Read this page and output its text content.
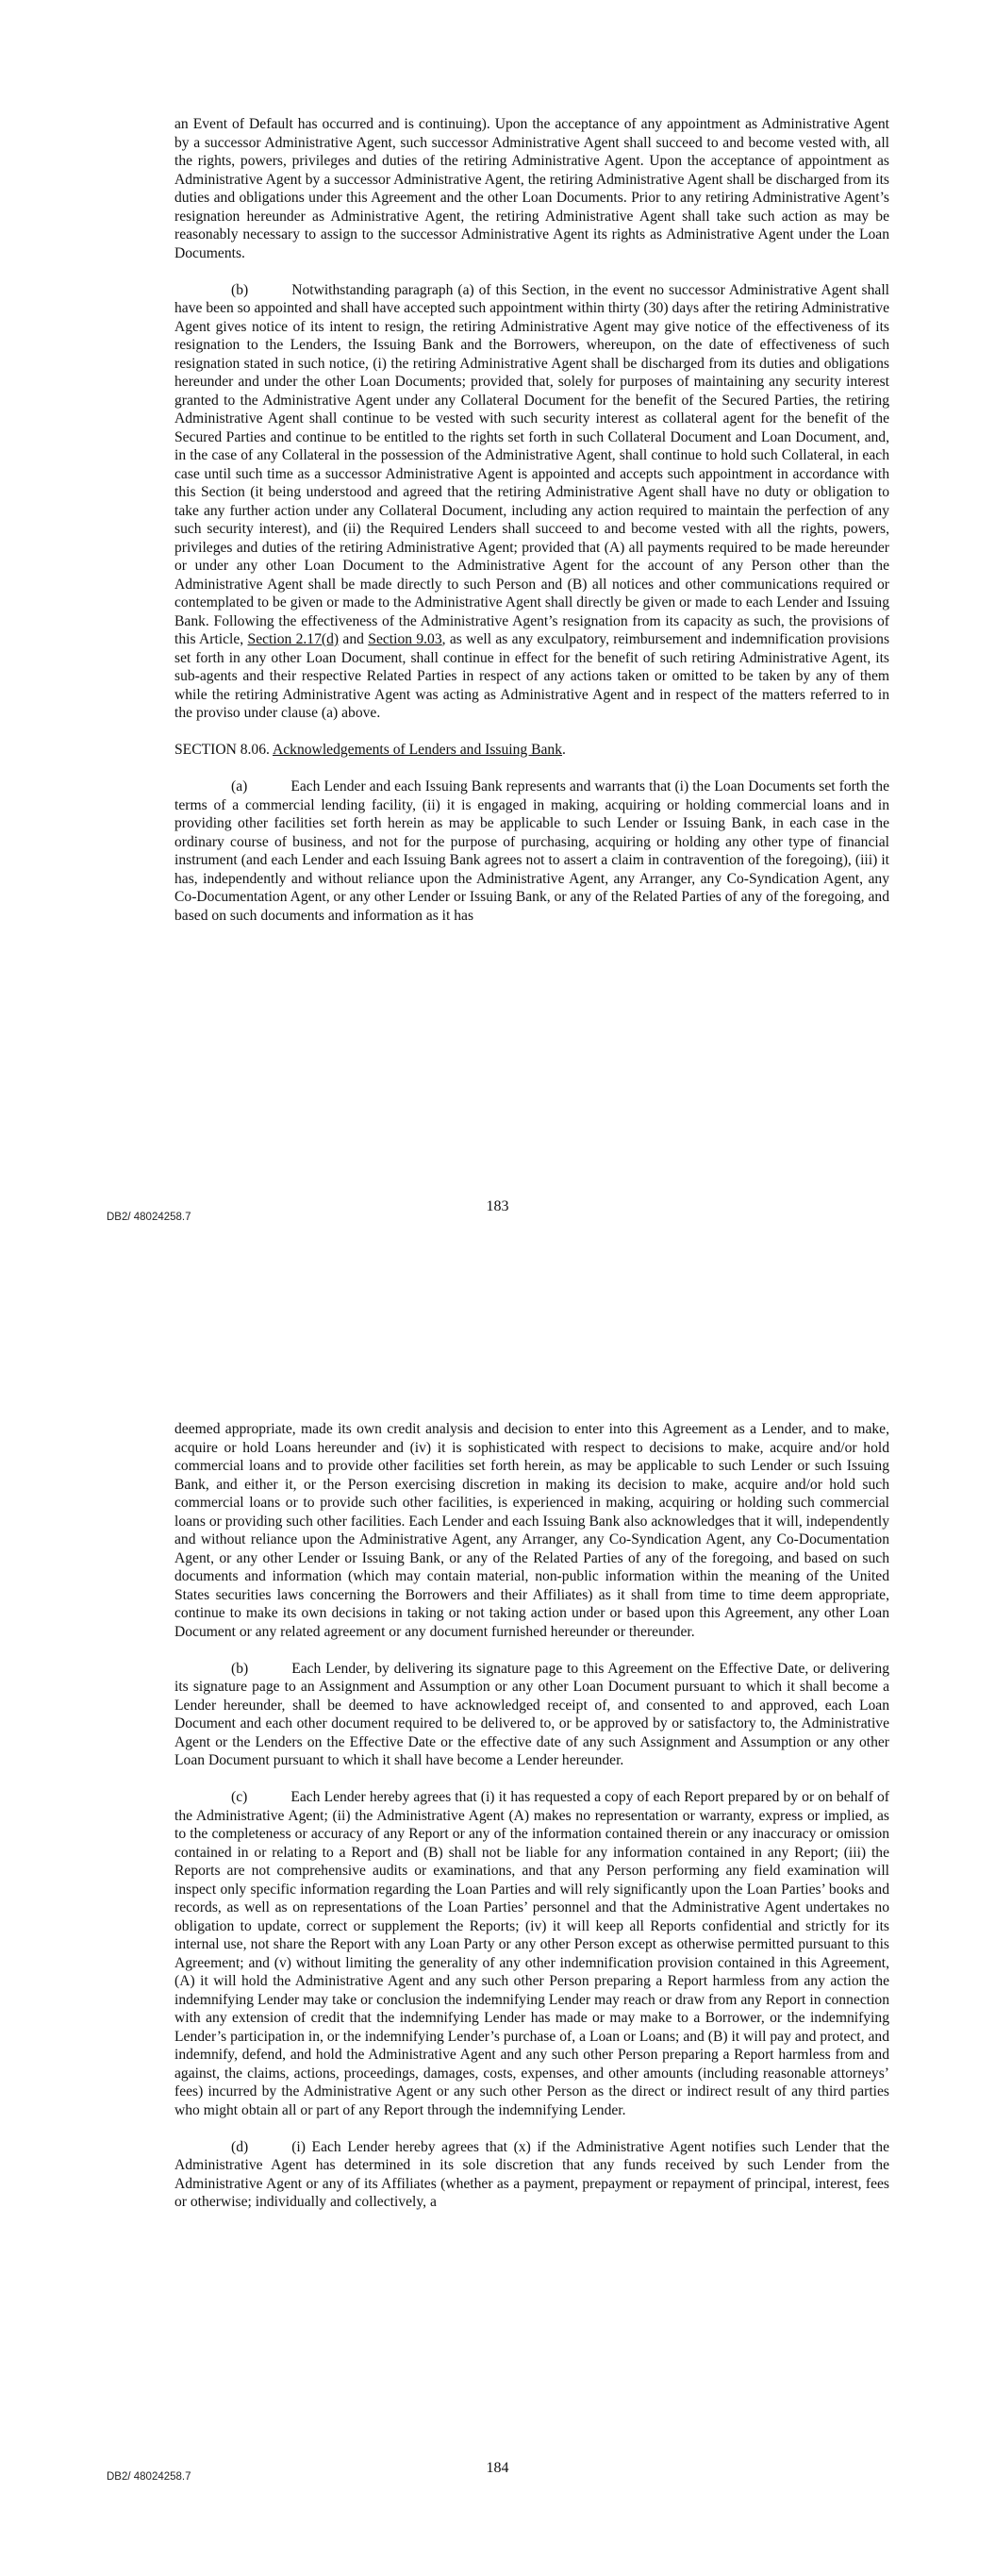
an Event of Default has occurred and is continuing). Upon the acceptance of any appointment as Administrative Agent by a successor Administrative Agent, such successor Administrative Agent shall succeed to and become vested with, all the rights, powers, privileges and duties of the retiring Administrative Agent. Upon the acceptance of appointment as Administrative Agent by a successor Administrative Agent, the retiring Administrative Agent shall be discharged from its duties and obligations under this Agreement and the other Loan Documents. Prior to any retiring Administrative Agent’s resignation hereunder as Administrative Agent, the retiring Administrative Agent shall take such action as may be reasonably necessary to assign to the successor Administrative Agent its rights as Administrative Agent under the Loan Documents.

(b)	Notwithstanding paragraph (a) of this Section, in the event no successor Administrative Agent shall have been so appointed and shall have accepted such appointment within thirty (30) days after the retiring Administrative Agent gives notice of its intent to resign, the retiring Administrative Agent may give notice of the effectiveness of its resignation to the Lenders, the Issuing Bank and the Borrowers, whereupon, on the date of effectiveness of such resignation stated in such notice, (i) the retiring Administrative Agent shall be discharged from its duties and obligations hereunder and under the other Loan Documents; provided that, solely for purposes of maintaining any security interest granted to the Administrative Agent under any Collateral Document for the benefit of the Secured Parties, the retiring Administrative Agent shall continue to be vested with such security interest as collateral agent for the benefit of the Secured Parties and continue to be entitled to the rights set forth in such Collateral Document and Loan Document, and, in the case of any Collateral in the possession of the Administrative Agent, shall continue to hold such Collateral, in each case until such time as a successor Administrative Agent is appointed and accepts such appointment in accordance with this Section (it being understood and agreed that the retiring Administrative Agent shall have no duty or obligation to take any further action under any Collateral Document, including any action required to maintain the perfection of any such security interest), and (ii) the Required Lenders shall succeed to and become vested with all the rights, powers, privileges and duties of the retiring Administrative Agent; provided that (A) all payments required to be made hereunder or under any other Loan Document to the Administrative Agent for the account of any Person other than the Administrative Agent shall be made directly to such Person and (B) all notices and other communications required or contemplated to be given or made to the Administrative Agent shall directly be given or made to each Lender and Issuing Bank. Following the effectiveness of the Administrative Agent’s resignation from its capacity as such, the provisions of this Article, Section 2.17(d) and Section 9.03, as well as any exculpatory, reimbursement and indemnification provisions set forth in any other Loan Document, shall continue in effect for the benefit of such retiring Administrative Agent, its sub-agents and their respective Related Parties in respect of any actions taken or omitted to be taken by any of them while the retiring Administrative Agent was acting as Administrative Agent and in respect of the matters referred to in the proviso under clause (a) above.

SECTION 8.06. Acknowledgements of Lenders and Issuing Bank.

(a)	Each Lender and each Issuing Bank represents and warrants that (i) the Loan Documents set forth the terms of a commercial lending facility, (ii) it is engaged in making, acquiring or holding commercial loans and in providing other facilities set forth herein as may be applicable to such Lender or Issuing Bank, in each case in the ordinary course of business, and not for the purpose of purchasing, acquiring or holding any other type of financial instrument (and each Lender and each Issuing Bank agrees not to assert a claim in contravention of the foregoing), (iii) it has, independently and without reliance upon the Administrative Agent, any Arranger, any Co-Syndication Agent, any Co-Documentation Agent, or any other Lender or Issuing Bank, or any of the Related Parties of any of the foregoing, and based on such documents and information as it has

DB2/ 48024258.7
183

deemed appropriate, made its own credit analysis and decision to enter into this Agreement as a Lender, and to make, acquire or hold Loans hereunder and (iv) it is sophisticated with respect to decisions to make, acquire and/or hold commercial loans and to provide other facilities set forth herein, as may be applicable to such Lender or such Issuing Bank, and either it, or the Person exercising discretion in making its decision to make, acquire and/or hold such commercial loans or to provide such other facilities, is experienced in making, acquiring or holding such commercial loans or providing such other facilities. Each Lender and each Issuing Bank also acknowledges that it will, independently and without reliance upon the Administrative Agent, any Arranger, any Co-Syndication Agent, any Co-Documentation Agent, or any other Lender or Issuing Bank, or any of the Related Parties of any of the foregoing, and based on such documents and information (which may contain material, non-public information within the meaning of the United States securities laws concerning the Borrowers and their Affiliates) as it shall from time to time deem appropriate, continue to make its own decisions in taking or not taking action under or based upon this Agreement, any other Loan Document or any related agreement or any document furnished hereunder or thereunder.

(b)	Each Lender, by delivering its signature page to this Agreement on the Effective Date, or delivering its signature page to an Assignment and Assumption or any other Loan Document pursuant to which it shall become a Lender hereunder, shall be deemed to have acknowledged receipt of, and consented to and approved, each Loan Document and each other document required to be delivered to, or be approved by or satisfactory to, the Administrative Agent or the Lenders on the Effective Date or the effective date of any such Assignment and Assumption or any other Loan Document pursuant to which it shall have become a Lender hereunder.

(c)	Each Lender hereby agrees that (i) it has requested a copy of each Report prepared by or on behalf of the Administrative Agent; (ii) the Administrative Agent (A) makes no representation or warranty, express or implied, as to the completeness or accuracy of any Report or any of the information contained therein or any inaccuracy or omission contained in or relating to a Report and (B) shall not be liable for any information contained in any Report; (iii) the Reports are not comprehensive audits or examinations, and that any Person performing any field examination will inspect only specific information regarding the Loan Parties and will rely significantly upon the Loan Parties’ books and records, as well as on representations of the Loan Parties’ personnel and that the Administrative Agent undertakes no obligation to update, correct or supplement the Reports; (iv) it will keep all Reports confidential and strictly for its internal use, not share the Report with any Loan Party or any other Person except as otherwise permitted pursuant to this Agreement; and (v) without limiting the generality of any other indemnification provision contained in this Agreement, (A) it will hold the Administrative Agent and any such other Person preparing a Report harmless from any action the indemnifying Lender may take or conclusion the indemnifying Lender may reach or draw from any Report in connection with any extension of credit that the indemnifying Lender has made or may make to a Borrower, or the indemnifying Lender’s participation in, or the indemnifying Lender’s purchase of, a Loan or Loans; and (B) it will pay and protect, and indemnify, defend, and hold the Administrative Agent and any such other Person preparing a Report harmless from and against, the claims, actions, proceedings, damages, costs, expenses, and other amounts (including reasonable attorneys’ fees) incurred by the Administrative Agent or any such other Person as the direct or indirect result of any third parties who might obtain all or part of any Report through the indemnifying Lender.

(d)	(i) Each Lender hereby agrees that (x) if the Administrative Agent notifies such Lender that the Administrative Agent has determined in its sole discretion that any funds received by such Lender from the Administrative Agent or any of its Affiliates (whether as a payment, prepayment or repayment of principal, interest, fees or otherwise; individually and collectively, a

DB2/ 48024258.7
184
